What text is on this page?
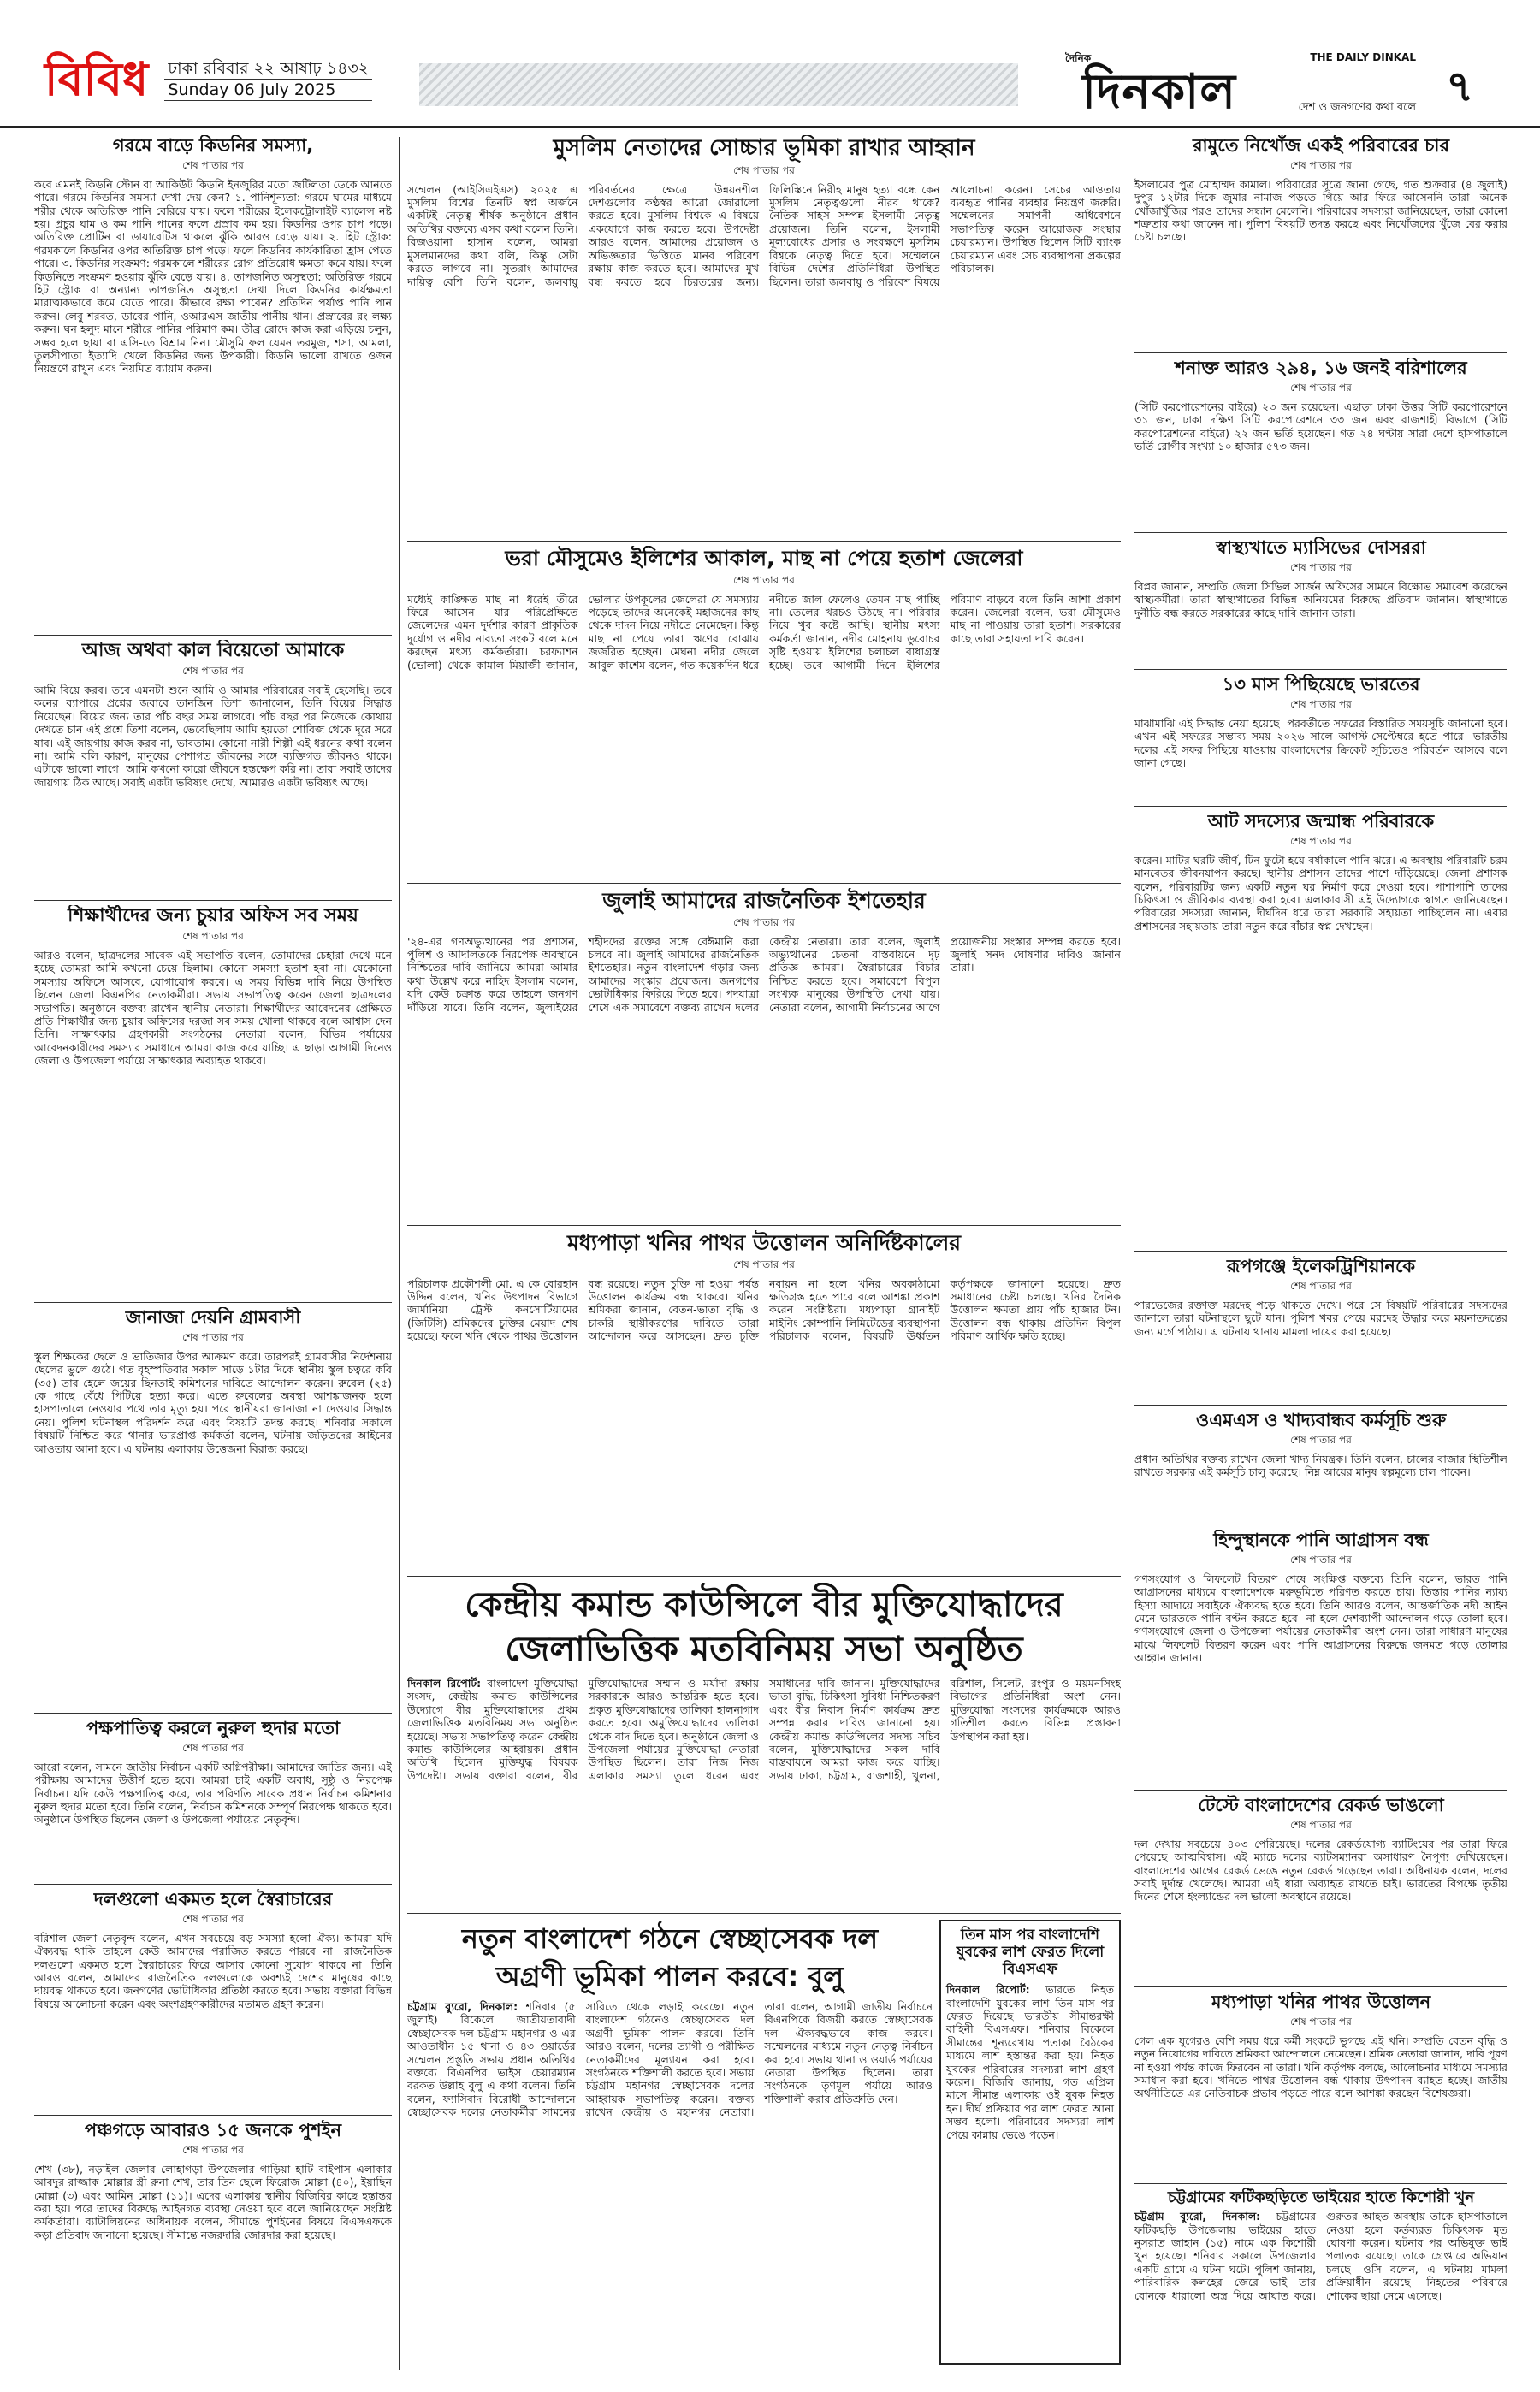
বিবিধ ঢাকা রবিবার ২২ আষাঢ় ১৪৩২
Sunday 06 July 2025
দৈনিক	THE DAILY DINKAL
দিনকাল	দেশ ও জনগণের কথা বলে ৭
গরমে বাড়ে কিডনির সমস্যা,
শেষ পাতার পর

কবে এমনই কিডনি স্টোন বা আকিউট কিডনি ইনজুরির মতো জটিলতা ডেকে আনতে পারে। গরমে কিডনির সমস্যা দেখা দেয় কেন? ১. পানিশূন্যতা: গরমে ঘামের মাধ্যমে শরীর থেকে অতিরিক্ত পানি বেরিয়ে যায়। ফলে শরীরের ইলেকট্রোলাইট ব্যালেন্স নষ্ট হয়। প্রচুর ঘাম ও কম পানি পানের ফলে প্রস্রাব কম হয়। কিডনির ওপর চাপ পড়ে। অতিরিক্ত প্রোটিন বা ডায়াবেটিস থাকলে ঝুঁকি আরও বেড়ে যায়। ২. হিট স্ট্রোক: গরমকালে কিডনির ওপর অতিরিক্ত চাপ পড়ে। ফলে কিডনির কার্যকারিতা হ্রাস পেতে পারে। ৩. কিডনির সংক্রমণ: গরমকালে শরীরের রোগ প্রতিরোধ ক্ষমতা কমে যায়। ফলে কিডনিতে সংক্রমণ হওয়ার ঝুঁকি বেড়ে যায়। ৪. তাপজনিত অসুস্থতা: অতিরিক্ত গরমে হিট স্ট্রোক বা অন্যান্য তাপজনিত অসুস্থতা দেখা দিলে কিডনির কার্যক্ষমতা মারাত্মকভাবে কমে যেতে পারে। কীভাবে রক্ষা পাবেন? প্রতিদিন পর্যাপ্ত পানি পান করুন। লেবু শরবত, ডাবের পানি, ওআরএস জাতীয় পানীয় খান। প্রস্রাবের রং লক্ষ্য করুন। ঘন হলুদ মানে শরীরে পানির পরিমাণ কম। তীব্র রোদে কাজ করা এড়িয়ে চলুন, সম্ভব হলে ছায়া বা এসি-তে বিশ্রাম নিন। মৌসুমি ফল যেমন তরমুজ, শসা, আমলা, তুলসীপাতা ইত্যাদি খেলে কিডনির জন্য উপকারী। কিডনি ভালো রাখতে ওজন নিয়ন্ত্রণে রাখুন এবং নিয়মিত ব্যায়াম করুন।

আজ অথবা কাল বিয়েতো আমাকে
শেষ পাতার পর

আমি বিয়ে করব। তবে এমনটা শুনে আমি ও আমার পরিবারের সবাই হেসেছি। তবে কনের ব্যাপারে প্রশ্নের জবাবে তানজিন তিশা জানালেন, তিনি বিয়ের সিদ্ধান্ত নিয়েছেন। বিয়ের জন্য তার পাঁচ বছর সময় লাগবে। পাঁচ বছর পর নিজেকে কোথায় দেখতে চান এই প্রশ্নে তিশা বলেন, ভেবেছিলাম আমি হয়তো শোবিজ থেকে দূরে সরে যাব। এই জায়গায় কাজ করব না, ভাবতাম। কোনো নারী শিল্পী এই ধরনের কথা বলেন না। আমি বলি কারণ, মানুষের পেশাগত জীবনের সঙ্গে ব্যক্তিগত জীবনও থাকে। এটাকে ভালো লাগে। আমি কখনো কারো জীবনে হস্তক্ষেপ করি না। তারা সবাই তাদের জায়গায় ঠিক আছে। সবাই একটা ভবিষ্যৎ দেখে, আমারও একটা ভবিষ্যৎ আছে।

শিক্ষার্থীদের জন্য চুয়ার অফিস সব সময়
শেষ পাতার পর

আরও বলেন, ছাত্রদলের সাবেক এই সভাপতি বলেন, তোমাদের চেহারা দেখে মনে হচ্ছে তোমরা আমি কখনো চেয়ে ছিলাম। কোনো সমস্যা হতাশ হবা না। যেকোনো সমস্যায় অফিসে আসবে, যোগাযোগ করবে। এ সময় বিভিন্ন দাবি নিয়ে উপস্থিত ছিলেন জেলা বিএনপির নেতাকর্মীরা। সভায় সভাপতিত্ব করেন জেলা ছাত্রদলের সভাপতি। অনুষ্ঠানে বক্তব্য রাখেন স্থানীয় নেতারা। শিক্ষার্থীদের আবেদনের প্রেক্ষিতে প্রতি শিক্ষার্থীর জন্য চুয়ার অফিসের দরজা সব সময় খোলা থাকবে বলে আশ্বাস দেন তিনি। সাক্ষাৎকার গ্রহণকারী সংগঠনের নেতারা বলেন, বিভিন্ন পর্যায়ের আবেদনকারীদের সমস্যার সমাধানে আমরা কাজ করে যাচ্ছি। এ ছাড়া আগামী দিনেও জেলা ও উপজেলা পর্যায়ে সাক্ষাৎকার অব্যাহত থাকবে।

জানাজা দেয়নি গ্রামবাসী
শেষ পাতার পর

স্কুল শিক্ষকের ছেলে ও ভাতিজার উপর আক্রমণ করে। তারপরই গ্রামবাসীর নির্দেশনায় ছেলের ভুলে গুঠে। গত বৃহস্পতিবার সকাল সাড়ে ১টার দিকে স্থানীয় স্কুল চত্বরে কবি (৩৫) তার হেলে জয়ের ছিনতাই কমিশনের দাবিতে আন্দোলন করেন। রুবেল (২৫) কে গাছে বেঁধে পিটিয়ে হত্যা করে। এতে রুবেলের অবস্থা আশঙ্কাজনক হলে হাসপাতালে নেওয়ার পথে তার মৃত্যু হয়। পরে স্থানীয়রা জানাজা না দেওয়ার সিদ্ধান্ত নেয়। পুলিশ ঘটনাস্থল পরিদর্শন করে এবং বিষয়টি তদন্ত করছে। শনিবার সকালে বিষয়টি নিশ্চিত করে থানার ভারপ্রাপ্ত কর্মকর্তা বলেন, ঘটনায় জড়িতদের আইনের আওতায় আনা হবে। এ ঘটনায় এলাকায় উত্তেজনা বিরাজ করছে।

পক্ষপাতিত্ব করলে নুরুল হুদার মতো
শেষ পাতার পর

আরো বলেন, সামনে জাতীয় নির্বাচন একটি অগ্নিপরীক্ষা। আমাদের জাতির জন্য। এই পরীক্ষায় আমাদের উত্তীর্ণ হতে হবে। আমরা চাই একটি অবাধ, সুষ্ঠু ও নিরপেক্ষ নির্বাচন। যদি কেউ পক্ষপাতিত্ব করে, তার পরিণতি সাবেক প্রধান নির্বাচন কমিশনার নুরুল হুদার মতো হবে। তিনি বলেন, নির্বাচন কমিশনকে সম্পূর্ণ নিরপেক্ষ থাকতে হবে। অনুষ্ঠানে উপস্থিত ছিলেন জেলা ও উপজেলা পর্যায়ের নেতৃবৃন্দ।

দলগুলো একমত হলে স্বৈরাচারের
শেষ পাতার পর

বরিশাল জেলা নেতৃবৃন্দ বলেন, এখন সবচেয়ে বড় সমস্যা হলো ঐক্য। আমরা যদি ঐক্যবদ্ধ থাকি তাহলে কেউ আমাদের পরাজিত করতে পারবে না। রাজনৈতিক দলগুলো একমত হলে স্বৈরাচারের ফিরে আসার কোনো সুযোগ থাকবে না। তিনি আরও বলেন, আমাদের রাজনৈতিক দলগুলোকে অবশ্যই দেশের মানুষের কাছে দায়বদ্ধ থাকতে হবে। জনগণের ভোটাধিকার প্রতিষ্ঠা করতে হবে। সভায় বক্তারা বিভিন্ন বিষয়ে আলোচনা করেন এবং অংশগ্রহণকারীদের মতামত গ্রহণ করেন।

পঞ্চগড়ে আবারও ১৫ জনকে পুশইন
শেষ পাতার পর

শেখ (৩৮), নড়াইল জেলার লোহাগড়া উপজেলার গাড়িয়া হাটি বাইপাস এলাকার আবদুর রাজ্জাক মোল্লার স্ত্রী রুনা শেখ, তার তিন ছেলে ফিরোজ মোল্লা (৪০), ইয়াছিন মোল্লা (৩) এবং আমিন মোল্লা (১১)। এদের এলাকায় স্থানীয় বিজিবির কাছে হস্তান্তর করা হয়। পরে তাদের বিরুদ্ধে আইনগত ব্যবস্থা নেওয়া হবে বলে জানিয়েছেন সংশ্লিষ্ট কর্মকর্তারা। ব্যাটালিয়নের অধিনায়ক বলেন, সীমান্তে পুশইনের বিষয়ে বিএসএফকে কড়া প্রতিবাদ জানানো হয়েছে। সীমান্তে নজরদারি জোরদার করা হয়েছে।

মুসলিম নেতাদের সোচ্চার ভূমিকা রাখার আহ্বান
শেষ পাতার পর

সম্মেলন (আইসিএইএস) ২০২৫ এ মুসলিম বিশ্বের তিনটি স্বপ্ন অর্জনে একটিই নেতৃত্ব শীর্ষক অনুষ্ঠানে প্রধান অতিথির বক্তব্যে এসব কথা বলেন তিনি। রিজওয়ানা হাসান বলেন, আমরা মুসলমানদের কথা বলি, কিন্তু সেটা করতে লাগবে না। সুতরাং আমাদের দায়িত্ব বেশি। তিনি বলেন, জলবায়ু পরিবর্তনের ক্ষেত্রে উন্নয়নশীল দেশগুলোর কণ্ঠস্বর আরো জোরালো করতে হবে। মুসলিম বিশ্বকে এ বিষয়ে একযোগে কাজ করতে হবে। উপদেষ্টা আরও বলেন, আমাদের প্রয়োজন ও অভিজ্ঞতার ভিত্তিতে মানব পরিবেশ রক্ষায় কাজ করতে হবে। আমাদের মুখ বন্ধ করতে হবে চিরতরের জন্য। ফিলিস্তিনে নিরীহ মানুষ হত্যা বন্ধে কেন মুসলিম নেতৃত্বগুলো নীরব থাকে? নৈতিক সাহস সম্পন্ন ইসলামী নেতৃত্ব প্রয়োজন। তিনি বলেন, ইসলামী মূল্যবোধের প্রসার ও সংরক্ষণে মুসলিম বিশ্বকে নেতৃত্ব দিতে হবে। সম্মেলনে বিভিন্ন দেশের প্রতিনিধিরা উপস্থিত ছিলেন। তারা জলবায়ু ও পরিবেশ বিষয়ে আলোচনা করেন। সেচের আওতায় ব্যবহৃত পানির ব্যবহার নিয়ন্ত্রণ জরুরি। সম্মেলনের সমাপনী অধিবেশনে সভাপতিত্ব করেন আয়োজক সংস্থার চেয়ারম্যান। উপস্থিত ছিলেন সিটি ব্যাংক চেয়ারম্যান এবং সেচ ব্যবস্থাপনা প্রকল্পের পরিচালক।

ভরা মৌসুমেও ইলিশের আকাল, মাছ না পেয়ে হতাশ জেলেরা
শেষ পাতার পর

মধ্যেই কাঙ্ক্ষিত মাছ না ধরেই তীরে ফিরে আসেন। যার পরিপ্রেক্ষিতে জেলেদের এমন দুর্দশার কারণ প্রাকৃতিক দুর্যোগ ও নদীর নাব্যতা সংকট বলে মনে করছেন মৎস্য কর্মকর্তারা। চরফ্যাশন (ভোলা) থেকে কামাল মিয়াজী জানান, ভোলার উপকূলের জেলেরা যে সমস্যায় পড়েছে তাদের অনেকেই মহাজনের কাছ থেকে দাদন নিয়ে নদীতে নেমেছেন। কিন্তু মাছ না পেয়ে তারা ঋণের বোঝায় জর্জরিত হচ্ছেন। মেঘনা নদীর জেলে আবুল কাশেম বলেন, গত কয়েকদিন ধরে নদীতে জাল ফেলেও তেমন মাছ পাচ্ছি না। তেলের খরচও উঠছে না। পরিবার নিয়ে খুব কষ্টে আছি। স্থানীয় মৎস্য কর্মকর্তা জানান, নদীর মোহনায় ডুবোচর সৃষ্টি হওয়ায় ইলিশের চলাচল বাধাগ্রস্ত হচ্ছে। তবে আগামী দিনে ইলিশের পরিমাণ বাড়বে বলে তিনি আশা প্রকাশ করেন। জেলেরা বলেন, ভরা মৌসুমেও মাছ না পাওয়ায় তারা হতাশ। সরকারের কাছে তারা সহায়তা দাবি করেন।

জুলাই আমাদের রাজনৈতিক ইশতেহার
শেষ পাতার পর

'২৪-এর গণঅভ্যুত্থানের পর প্রশাসন, পুলিশ ও আদালতকে নিরপেক্ষ অবস্থানে নিশ্চিতের দাবি জানিয়ে আমরা আমার কথা উল্লেখ করে নাহিদ ইসলাম বলেন, যদি কেউ চক্রান্ত করে তাহলে জনগণ দাঁড়িয়ে যাবে। তিনি বলেন, জুলাইয়ের শহীদদের রক্তের সঙ্গে বেঈমানি করা চলবে না। জুলাই আমাদের রাজনৈতিক ইশতেহার। নতুন বাংলাদেশ গড়ার জন্য আমাদের সংস্কার প্রয়োজন। জনগণের ভোটাধিকার ফিরিয়ে দিতে হবে। পদযাত্রা শেষে এক সমাবেশে বক্তব্য রাখেন দলের কেন্দ্রীয় নেতারা। তারা বলেন, জুলাই অভ্যুত্থানের চেতনা বাস্তবায়নে দৃঢ় প্রতিজ্ঞ আমরা। স্বৈরাচারের বিচার নিশ্চিত করতে হবে। সমাবেশে বিপুল সংখ্যক মানুষের উপস্থিতি দেখা যায়। নেতারা বলেন, আগামী নির্বাচনের আগে প্রয়োজনীয় সংস্কার সম্পন্ন করতে হবে। জুলাই সনদ ঘোষণার দাবিও জানান তারা।

মধ্যপাড়া খনির পাথর উত্তোলন অনির্দিষ্টকালের
শেষ পাতার পর

পরিচালক প্রকৌশলী মো. এ কে বোরহান উদ্দিন বলেন, খনির উৎপাদন বিভাগে জার্মানিয়া ট্রেস্ট কনসোর্টিয়ামের (জিটিসি) শ্রমিকদের চুক্তির মেয়াদ শেষ হয়েছে। ফলে খনি থেকে পাথর উত্তোলন বন্ধ রয়েছে। নতুন চুক্তি না হওয়া পর্যন্ত উত্তোলন কার্যক্রম বন্ধ থাকবে। খনির শ্রমিকরা জানান, বেতন-ভাতা বৃদ্ধি ও চাকরি স্থায়ীকরণের দাবিতে তারা আন্দোলন করে আসছেন। দ্রুত চুক্তি নবায়ন না হলে খনির অবকাঠামো ক্ষতিগ্রস্ত হতে পারে বলে আশঙ্কা প্রকাশ করেন সংশ্লিষ্টরা। মধ্যপাড়া গ্রানাইট মাইনিং কোম্পানি লিমিটেডের ব্যবস্থাপনা পরিচালক বলেন, বিষয়টি ঊর্ধ্বতন কর্তৃপক্ষকে জানানো হয়েছে। দ্রুত সমাধানের চেষ্টা চলছে। খনির দৈনিক উত্তোলন ক্ষমতা প্রায় পাঁচ হাজার টন। উত্তোলন বন্ধ থাকায় প্রতিদিন বিপুল পরিমাণ আর্থিক ক্ষতি হচ্ছে।

কেন্দ্রীয় কমান্ড কাউন্সিলে বীর মুক্তিযোদ্ধাদের
জেলাভিত্তিক মতবিনিময় সভা অনুষ্ঠিত

দিনকাল রিপোর্ট: বাংলাদেশ মুক্তিযোদ্ধা সংসদ, কেন্দ্রীয় কমান্ড কাউন্সিলের উদ্যোগে বীর মুক্তিযোদ্ধাদের প্রথম জেলাভিত্তিক মতবিনিময় সভা অনুষ্ঠিত হয়েছে। সভায় সভাপতিত্ব করেন কেন্দ্রীয় কমান্ড কাউন্সিলের আহ্বায়ক। প্রধান অতিথি ছিলেন মুক্তিযুদ্ধ বিষয়ক উপদেষ্টা। সভায় বক্তারা বলেন, বীর মুক্তিযোদ্ধাদের সম্মান ও মর্যাদা রক্ষায় সরকারকে আরও আন্তরিক হতে হবে। প্রকৃত মুক্তিযোদ্ধাদের তালিকা হালনাগাদ করতে হবে। অমুক্তিযোদ্ধাদের তালিকা থেকে বাদ দিতে হবে। অনুষ্ঠানে জেলা ও উপজেলা পর্যায়ের মুক্তিযোদ্ধা নেতারা উপস্থিত ছিলেন। তারা নিজ নিজ এলাকার সমস্যা তুলে ধরেন এবং সমাধানের দাবি জানান। মুক্তিযোদ্ধাদের ভাতা বৃদ্ধি, চিকিৎসা সুবিধা নিশ্চিতকরণ এবং বীর নিবাস নির্মাণ কার্যক্রম দ্রুত সম্পন্ন করার দাবিও জানানো হয়। কেন্দ্রীয় কমান্ড কাউন্সিলের সদস্য সচিব বলেন, মুক্তিযোদ্ধাদের সকল দাবি বাস্তবায়নে আমরা কাজ করে যাচ্ছি। সভায় ঢাকা, চট্টগ্রাম, রাজশাহী, খুলনা, বরিশাল, সিলেট, রংপুর ও ময়মনসিংহ বিভাগের প্রতিনিধিরা অংশ নেন। মুক্তিযোদ্ধা সংসদের কার্যক্রমকে আরও গতিশীল করতে বিভিন্ন প্রস্তাবনা উপস্থাপন করা হয়।

নতুন বাংলাদেশ গঠনে স্বেচ্ছাসেবক দল
অগ্রণী ভূমিকা পালন করবে: বুলু

চট্টগ্রাম ব্যুরো, দিনকাল: শনিবার (৫ জুলাই) বিকেলে জাতীয়তাবাদী স্বেচ্ছাসেবক দল চট্টগ্রাম মহানগর ও এর আওতাধীন ১৫ থানা ও ৪৩ ওয়ার্ডের সম্মেলন প্রস্তুতি সভায় প্রধান অতিথির বক্তব্যে বিএনপির ভাইস চেয়ারম্যান বরকত উল্লাহ বুলু এ কথা বলেন। তিনি বলেন, ফ্যাসিবাদ বিরোধী আন্দোলনে স্বেচ্ছাসেবক দলের নেতাকর্মীরা সামনের সারিতে থেকে লড়াই করেছে। নতুন বাংলাদেশ গঠনেও স্বেচ্ছাসেবক দল অগ্রণী ভূমিকা পালন করবে। তিনি আরও বলেন, দলের ত্যাগী ও পরীক্ষিত নেতাকর্মীদের মূল্যায়ন করা হবে। সংগঠনকে শক্তিশালী করতে হবে। সভায় চট্টগ্রাম মহানগর স্বেচ্ছাসেবক দলের আহ্বায়ক সভাপতিত্ব করেন। বক্তব্য রাখেন কেন্দ্রীয় ও মহানগর নেতারা। তারা বলেন, আগামী জাতীয় নির্বাচনে বিএনপিকে বিজয়ী করতে স্বেচ্ছাসেবক দল ঐক্যবদ্ধভাবে কাজ করবে। সম্মেলনের মাধ্যমে নতুন নেতৃত্ব নির্বাচন করা হবে। সভায় থানা ও ওয়ার্ড পর্যায়ের নেতারা উপস্থিত ছিলেন। তারা সংগঠনকে তৃণমূল পর্যায়ে আরও শক্তিশালী করার প্রতিশ্রুতি দেন।

তিন মাস পর বাংলাদেশি যুবকের লাশ ফেরত দিলো বিএসএফ

দিনকাল রিপোর্ট: ভারতে নিহত বাংলাদেশি যুবকের লাশ তিন মাস পর ফেরত দিয়েছে ভারতীয় সীমান্তরক্ষী বাহিনী বিএসএফ। শনিবার বিকেলে সীমান্তের শূন্যরেখায় পতাকা বৈঠকের মাধ্যমে লাশ হস্তান্তর করা হয়। নিহত যুবকের পরিবারের সদস্যরা লাশ গ্রহণ করেন। বিজিবি জানায়, গত এপ্রিল মাসে সীমান্ত এলাকায় ওই যুবক নিহত হন। দীর্ঘ প্রক্রিয়ার পর লাশ ফেরত আনা সম্ভব হলো। পরিবারের সদস্যরা লাশ পেয়ে কান্নায় ভেঙে পড়েন।

রামুতে নিখোঁজ একই পরিবারের চার
শেষ পাতার পর

ইসলামের পুত্র মোহাম্মদ কামাল। পরিবারের সূত্রে জানা গেছে, গত শুক্রবার (৪ জুলাই) দুপুর ১২টার দিকে জুমার নামাজ পড়তে গিয়ে আর ফিরে আসেননি তারা। অনেক খোঁজাখুঁজির পরও তাদের সন্ধান মেলেনি। পরিবারের সদস্যরা জানিয়েছেন, তারা কোনো শত্রুতার কথা জানেন না। পুলিশ বিষয়টি তদন্ত করছে এবং নিখোঁজদের খুঁজে বের করার চেষ্টা চলছে।

শনাক্ত আরও ২৯৪, ১৬ জনই বরিশালের
শেষ পাতার পর

(সিটি করপোরেশনের বাইরে) ২৩ জন রয়েছেন। এছাড়া ঢাকা উত্তর সিটি করপোরেশনে ৩১ জন, ঢাকা দক্ষিণ সিটি করপোরেশনে ৩৩ জন এবং রাজশাহী বিভাগে (সিটি করপোরেশনের বাইরে) ২২ জন ভর্তি হয়েছেন। গত ২৪ ঘণ্টায় সারা দেশে হাসপাতালে ভর্তি রোগীর সংখ্যা ১০ হাজার ৫৭৩ জন।

স্বাস্থ্যখাতে ম্যাসিভের দোসররা
শেষ পাতার পর

বিপ্লব জানান, সম্প্রতি জেলা সিভিল সার্জন অফিসের সামনে বিক্ষোভ সমাবেশ করেছেন স্বাস্থ্যকর্মীরা। তারা স্বাস্থ্যখাতের বিভিন্ন অনিয়মের বিরুদ্ধে প্রতিবাদ জানান। স্বাস্থ্যখাতে দুর্নীতি বন্ধ করতে সরকারের কাছে দাবি জানান তারা।

১৩ মাস পিছিয়েছে ভারতের
শেষ পাতার পর

মাঝামাঝি এই সিদ্ধান্ত নেয়া হয়েছে। পরবর্তীতে সফরের বিস্তারিত সময়সূচি জানানো হবে। এখন এই সফরের সম্ভাব্য সময় ২০২৬ সালে আগস্ট-সেপ্টেম্বরে হতে পারে। ভারতীয় দলের এই সফর পিছিয়ে যাওয়ায় বাংলাদেশের ক্রিকেট সূচিতেও পরিবর্তন আসবে বলে জানা গেছে।

আট সদস্যের জন্মান্ধ পরিবারকে
শেষ পাতার পর

করেন। মাটির ঘরটি জীর্ণ, টিন ফুটো হয়ে বর্ষাকালে পানি ঝরে। এ অবস্থায় পরিবারটি চরম মানবেতর জীবনযাপন করছে। স্থানীয় প্রশাসন তাদের পাশে দাঁড়িয়েছে। জেলা প্রশাসক বলেন, পরিবারটির জন্য একটি নতুন ঘর নির্মাণ করে দেওয়া হবে। পাশাপাশি তাদের চিকিৎসা ও জীবিকার ব্যবস্থা করা হবে। এলাকাবাসী এই উদ্যোগকে স্বাগত জানিয়েছেন। পরিবারের সদস্যরা জানান, দীর্ঘদিন ধরে তারা সরকারি সহায়তা পাচ্ছিলেন না। এবার প্রশাসনের সহায়তায় তারা নতুন করে বাঁচার স্বপ্ন দেখছেন।

রূপগঞ্জে ইলেকট্রিশিয়ানকে
শেষ পাতার পর

পারভেজের রক্তাক্ত মরদেহ পড়ে থাকতে দেখে। পরে সে বিষয়টি পরিবারের সদস্যদের জানালে তারা ঘটনাস্থলে ছুটে যান। পুলিশ খবর পেয়ে মরদেহ উদ্ধার করে ময়নাতদন্তের জন্য মর্গে পাঠায়। এ ঘটনায় থানায় মামলা দায়ের করা হয়েছে।

ওএমএস ও খাদ্যবান্ধব কর্মসূচি শুরু
শেষ পাতার পর

প্রধান অতিথির বক্তব্য রাখেন জেলা খাদ্য নিয়ন্ত্রক। তিনি বলেন, চালের বাজার স্থিতিশীল রাখতে সরকার এই কর্মসূচি চালু করেছে। নিম্ন আয়ের মানুষ স্বল্পমূল্যে চাল পাবেন।

হিন্দুস্থানকে পানি আগ্রাসন বন্ধ
শেষ পাতার পর

গণসংযোগ ও লিফলেট বিতরণ শেষে সংক্ষিপ্ত বক্তব্যে তিনি বলেন, ভারত পানি আগ্রাসনের মাধ্যমে বাংলাদেশকে মরুভূমিতে পরিণত করতে চায়। তিস্তার পানির ন্যায্য হিস্যা আদায়ে সবাইকে ঐক্যবদ্ধ হতে হবে। তিনি আরও বলেন, আন্তর্জাতিক নদী আইন মেনে ভারতকে পানি বণ্টন করতে হবে। না হলে দেশব্যাপী আন্দোলন গড়ে তোলা হবে। গণসংযোগে জেলা ও উপজেলা পর্যায়ের নেতাকর্মীরা অংশ নেন। তারা সাধারণ মানুষের মাঝে লিফলেট বিতরণ করেন এবং পানি আগ্রাসনের বিরুদ্ধে জনমত গড়ে তোলার আহ্বান জানান।

টেস্টে বাংলাদেশের রেকর্ড ভাঙলো
শেষ পাতার পর

দল দেখায় সবচেয়ে ৪০৩ পেরিয়েছে। দলের রেকর্ডযোগ্য ব্যাটিংয়ের পর তারা ফিরে পেয়েছে আত্মবিশ্বাস। এই ম্যাচে দলের ব্যাটসম্যানরা অসাধারণ নৈপুণ্য দেখিয়েছেন। বাংলাদেশের আগের রেকর্ড ভেঙে নতুন রেকর্ড গড়েছেন তারা। অধিনায়ক বলেন, দলের সবাই দুর্দান্ত খেলেছে। আমরা এই ধারা অব্যাহত রাখতে চাই। ভারতের বিপক্ষে তৃতীয় দিনের শেষে ইংল্যান্ডের দল ভালো অবস্থানে রয়েছে।

মধ্যপাড়া খনির পাথর উত্তোলন
শেষ পাতার পর

গেল এক যুগেরও বেশি সময় ধরে কর্মী সংকটে ভুগছে এই খনি। সম্প্রতি বেতন বৃদ্ধি ও নতুন নিয়োগের দাবিতে শ্রমিকরা আন্দোলনে নেমেছেন। শ্রমিক নেতারা জানান, দাবি পূরণ না হওয়া পর্যন্ত কাজে ফিরবেন না তারা। খনি কর্তৃপক্ষ বলছে, আলোচনার মাধ্যমে সমস্যার সমাধান করা হবে। খনিতে পাথর উত্তোলন বন্ধ থাকায় উৎপাদন ব্যাহত হচ্ছে। জাতীয় অর্থনীতিতে এর নেতিবাচক প্রভাব পড়তে পারে বলে আশঙ্কা করছেন বিশেষজ্ঞরা।

চট্টগ্রামের ফটিকছড়িতে ভাইয়ের হাতে কিশোরী খুন

চট্টগ্রাম ব্যুরো, দিনকাল: চট্টগ্রামের ফটিকছড়ি উপজেলায় ভাইয়ের হাতে নুসরাত জাহান (১৫) নামে এক কিশোরী খুন হয়েছে। শনিবার সকালে উপজেলার একটি গ্রামে এ ঘটনা ঘটে। পুলিশ জানায়, পারিবারিক কলহের জেরে ভাই তার বোনকে ধারালো অস্ত্র দিয়ে আঘাত করে। গুরুতর আহত অবস্থায় তাকে হাসপাতালে নেওয়া হলে কর্তব্যরত চিকিৎসক মৃত ঘোষণা করেন। ঘটনার পর অভিযুক্ত ভাই পলাতক রয়েছে। তাকে গ্রেপ্তারে অভিযান চলছে। ওসি বলেন, এ ঘটনায় মামলা প্রক্রিয়াধীন রয়েছে। নিহতের পরিবারে শোকের ছায়া নেমে এসেছে।
